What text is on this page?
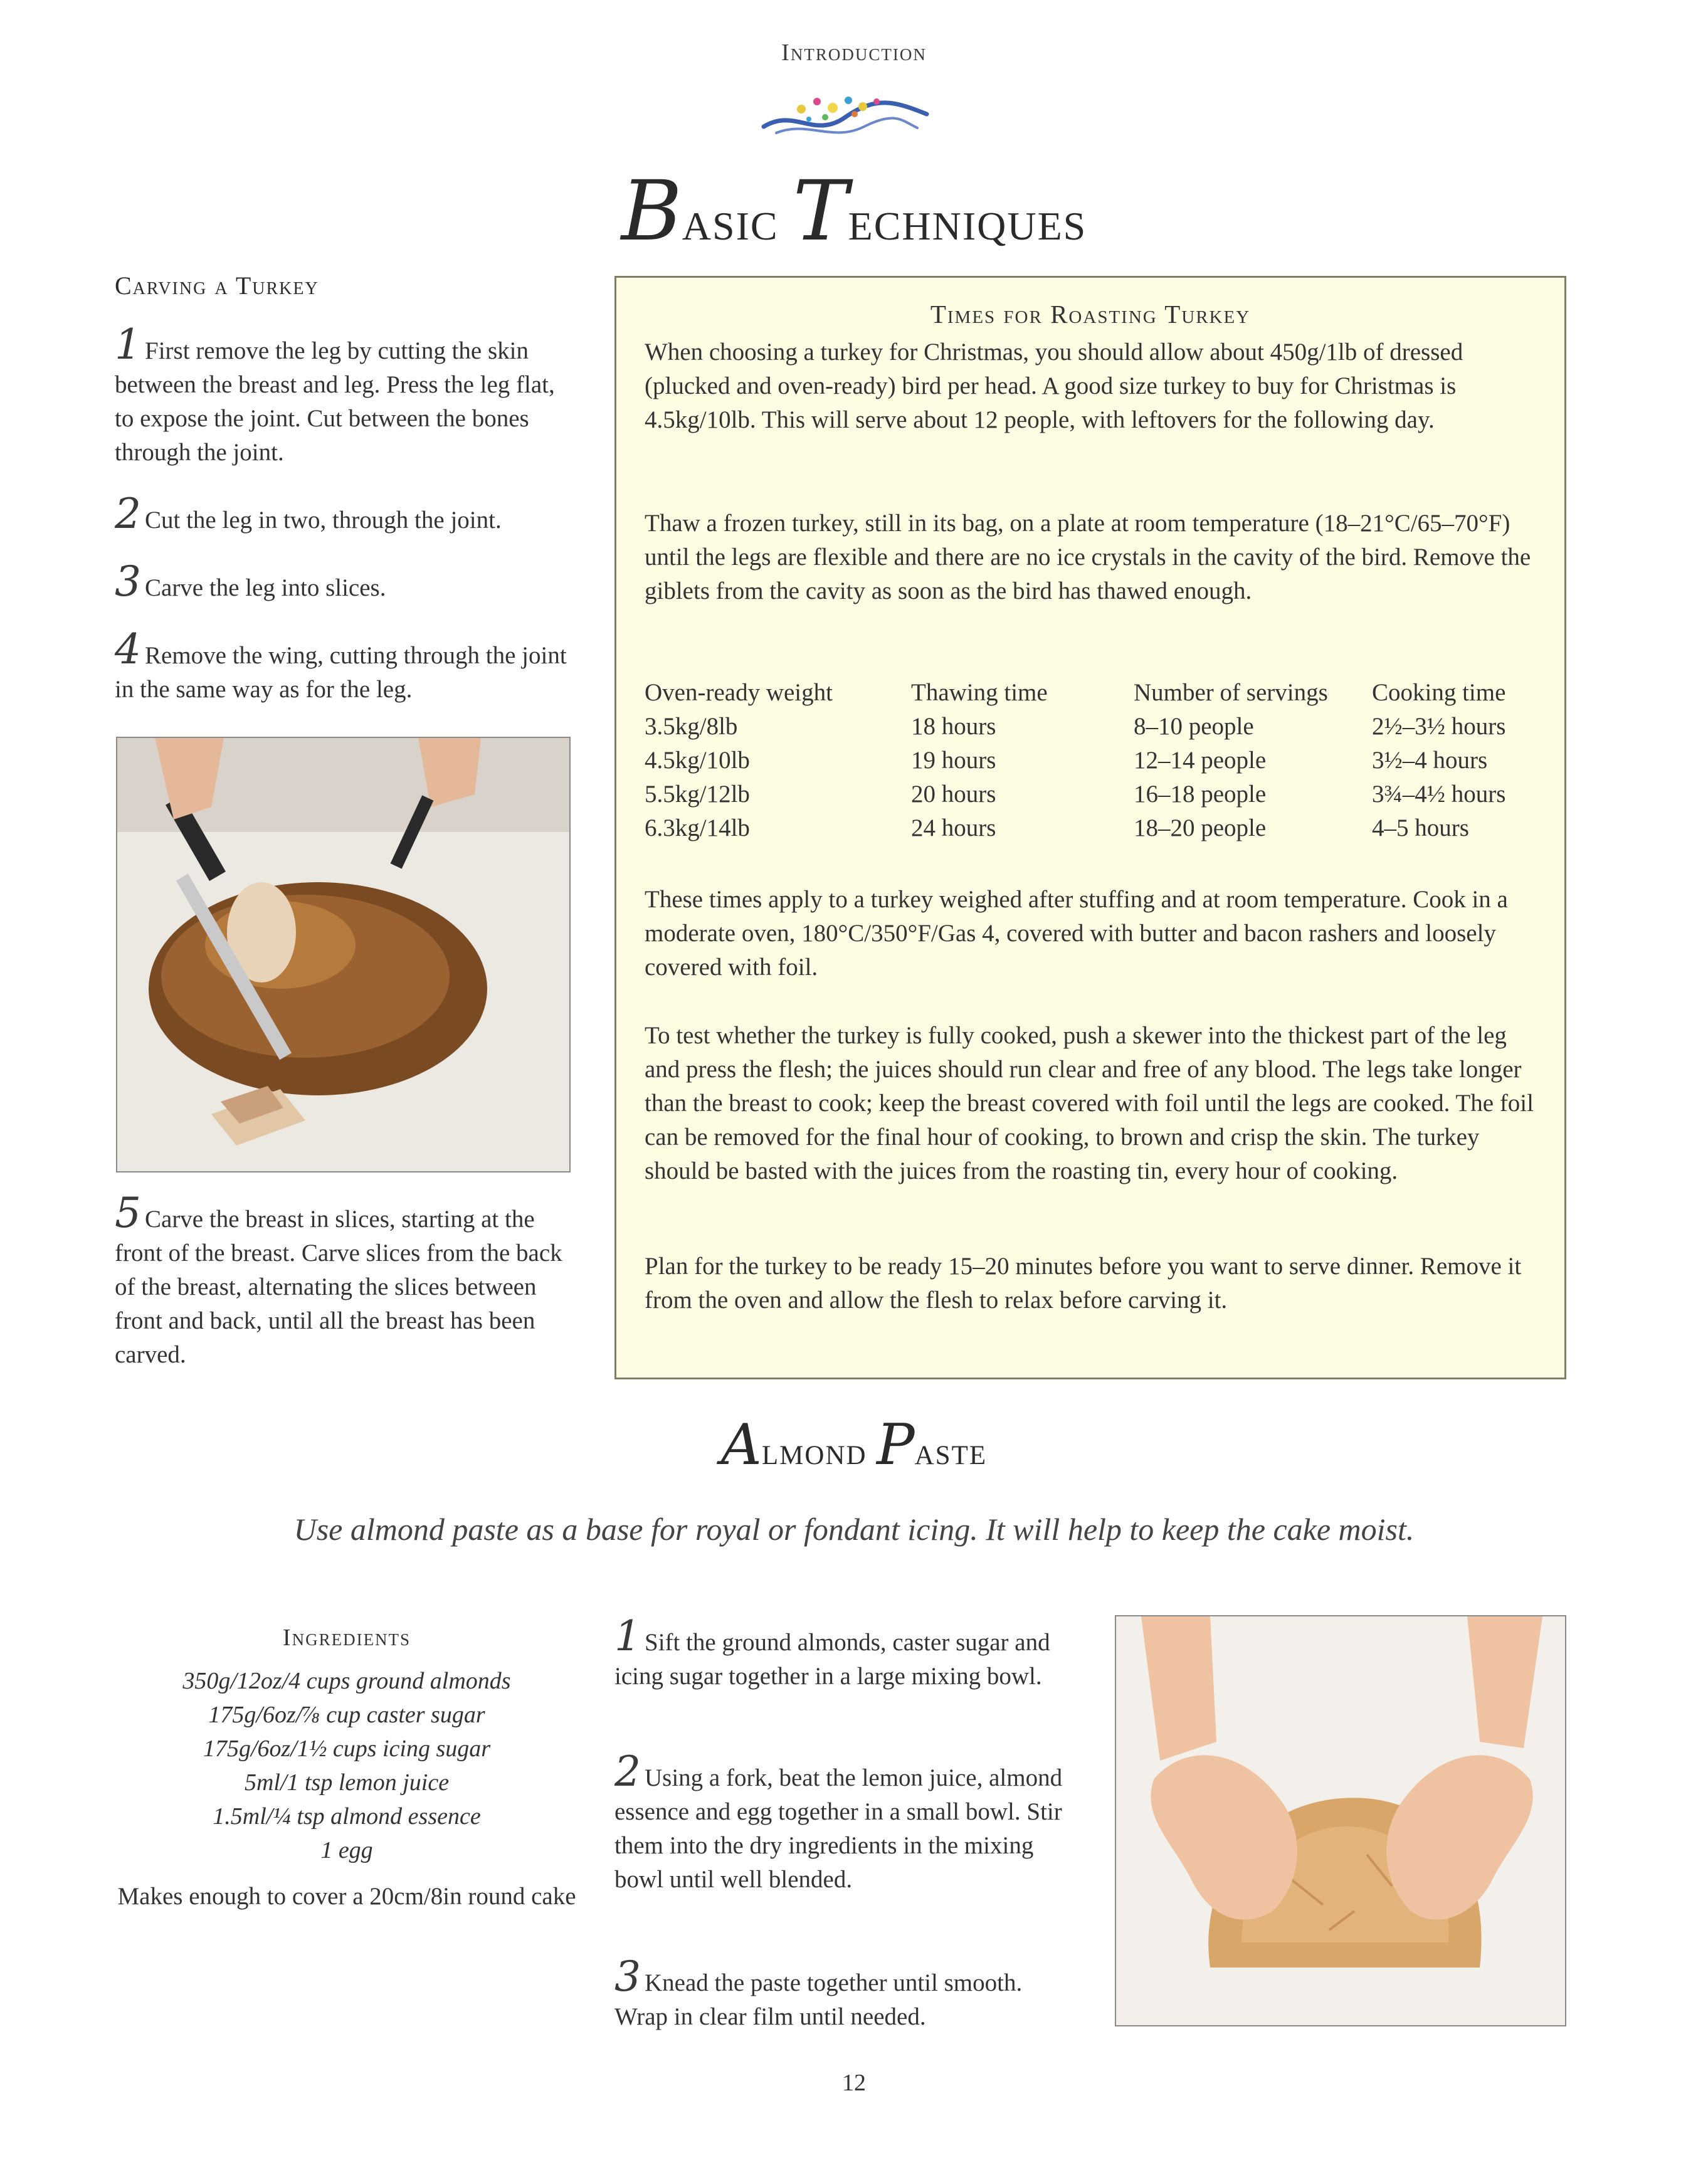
Introduction
Basic Techniques
Carving a Turkey
1 First remove the leg by cutting the skin between the breast and leg. Press the leg flat, to expose the joint. Cut between the bones through the joint.
2 Cut the leg in two, through the joint.
3 Carve the leg into slices.
4 Remove the wing, cutting through the joint in the same way as for the leg.
5 Carve the breast in slices, starting at the front of the breast. Carve slices from the back of the breast, alternating the slices between front and back, until all the breast has been carved.
Times for Roasting Turkey

When choosing a turkey for Christmas, you should allow about 450g/1lb of dressed (plucked and oven-ready) bird per head. A good size turkey to buy for Christmas is 4.5kg/10lb. This will serve about 12 people, with leftovers for the following day.

Thaw a frozen turkey, still in its bag, on a plate at room temperature (18–21°C/65–70°F) until the legs are flexible and there are no ice crystals in the cavity of the bird. Remove the giblets from the cavity as soon as the bird has thawed enough.

Oven-ready weight	Thawing time	Number of servings	Cooking time
3.5kg/8lb	18 hours	8–10 people	2½–3½ hours
4.5kg/10lb	19 hours	12–14 people	3½–4 hours
5.5kg/12lb	20 hours	16–18 people	3¾–4½ hours
6.3kg/14lb	24 hours	18–20 people	4–5 hours

These times apply to a turkey weighed after stuffing and at room temperature. Cook in a moderate oven, 180°C/350°F/Gas 4, covered with butter and bacon rashers and loosely covered with foil.

To test whether the turkey is fully cooked, push a skewer into the thickest part of the leg and press the flesh; the juices should run clear and free of any blood. The legs take longer than the breast to cook; keep the breast covered with foil until the legs are cooked. The foil can be removed for the final hour of cooking, to brown and crisp the skin. The turkey should be basted with the juices from the roasting tin, every hour of cooking.

Plan for the turkey to be ready 15–20 minutes before you want to serve dinner. Remove it from the oven and allow the flesh to relax before carving it.

Almond Paste
Use almond paste as a base for royal or fondant icing. It will help to keep the cake moist.
Ingredients
350g/12oz/4 cups ground almonds
175g/6oz/⅞ cup caster sugar
175g/6oz/1½ cups icing sugar
5ml/1 tsp lemon juice
1.5ml/¼ tsp almond essence
1 egg
Makes enough to cover a 20cm/8in round cake
1 Sift the ground almonds, caster sugar and icing sugar together in a large mixing bowl.
2 Using a fork, beat the lemon juice, almond essence and egg together in a small bowl. Stir them into the dry ingredients in the mixing bowl until well blended.
3 Knead the paste together until smooth. Wrap in clear film until needed.
12
